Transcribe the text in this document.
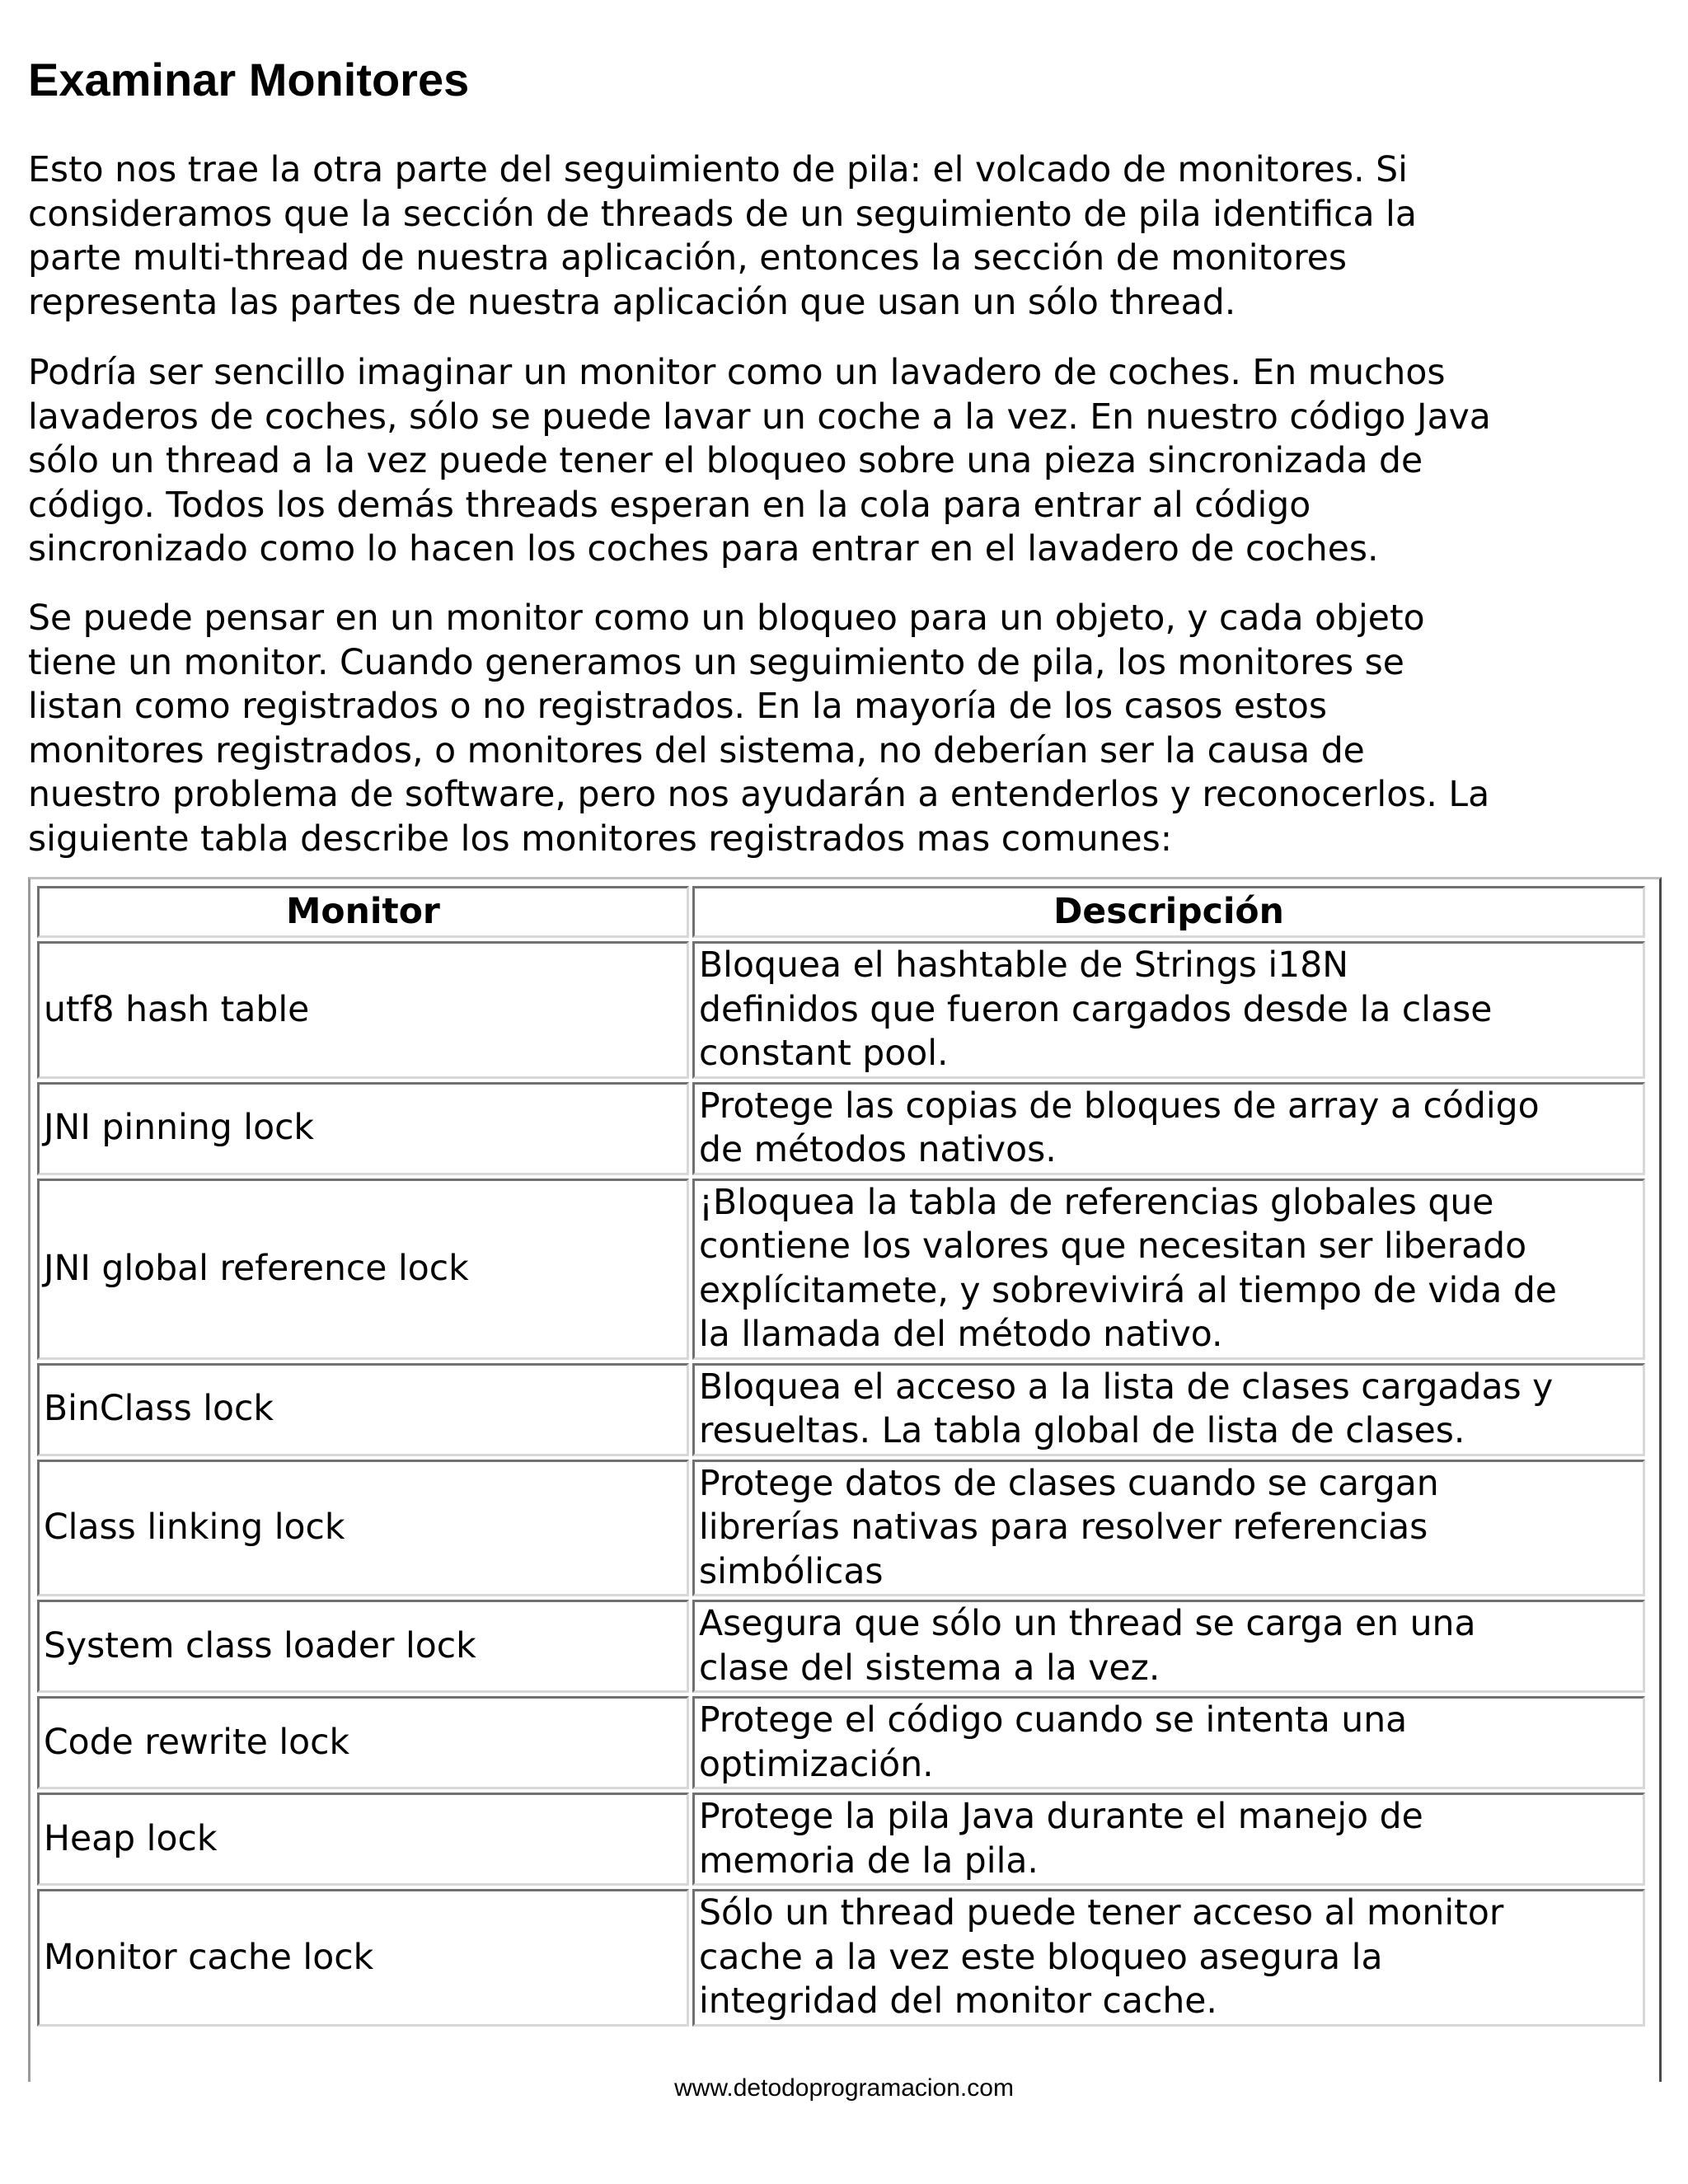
Examinar Monitores

Esto nos trae la otra parte del seguimiento de pila: el volcado de monitores. Si
consideramos que la sección de threads de un seguimiento de pila identifica la
parte multi-thread de nuestra aplicación, entonces la sección de monitores
representa las partes de nuestra aplicación que usan un sólo thread.

Podría ser sencillo imaginar un monitor como un lavadero de coches. En muchos
lavaderos de coches, sólo se puede lavar un coche a la vez. En nuestro código Java
sólo un thread a la vez puede tener el bloqueo sobre una pieza sincronizada de
código. Todos los demás threads esperan en la cola para entrar al código
sincronizado como lo hacen los coches para entrar en el lavadero de coches.

Se puede pensar en un monitor como un bloqueo para un objeto, y cada objeto
tiene un monitor. Cuando generamos un seguimiento de pila, los monitores se
listan como registrados o no registrados. En la mayoría de los casos estos
monitores registrados, o monitores del sistema, no deberían ser la causa de
nuestro problema de software, pero nos ayudarán a entenderlos y reconocerlos. La
siguiente tabla describe los monitores registrados mas comunes:

Monitor	Descripción
utf8 hash table	Bloquea el hashtable de Strings i18N
definidos que fueron cargados desde la clase
constant pool.

JNI pinning lock	Protege las copias de bloques de array a código
de métodos nativos.

JNI global reference lock	¡Bloquea la tabla de referencias globales que
contiene los valores que necesitan ser liberado
explícitamete, y sobrevivirá al tiempo de vida de
la llamada del método nativo.

BinClass lock	Bloquea el acceso a la lista de clases cargadas y
resueltas. La tabla global de lista de clases.

Class linking lock	Protege datos de clases cuando se cargan
librerías nativas para resolver referencias
simbólicas

System class loader lock	Asegura que sólo un thread se carga en una
clase del sistema a la vez.

Code rewrite lock	Protege el código cuando se intenta una
optimización.

Heap lock	Protege la pila Java durante el manejo de
memoria de la pila.

Monitor cache lock	Sólo un thread puede tener acceso al monitor
cache a la vez este bloqueo asegura la
integridad del monitor cache.
www.detodoprogramacion.com
